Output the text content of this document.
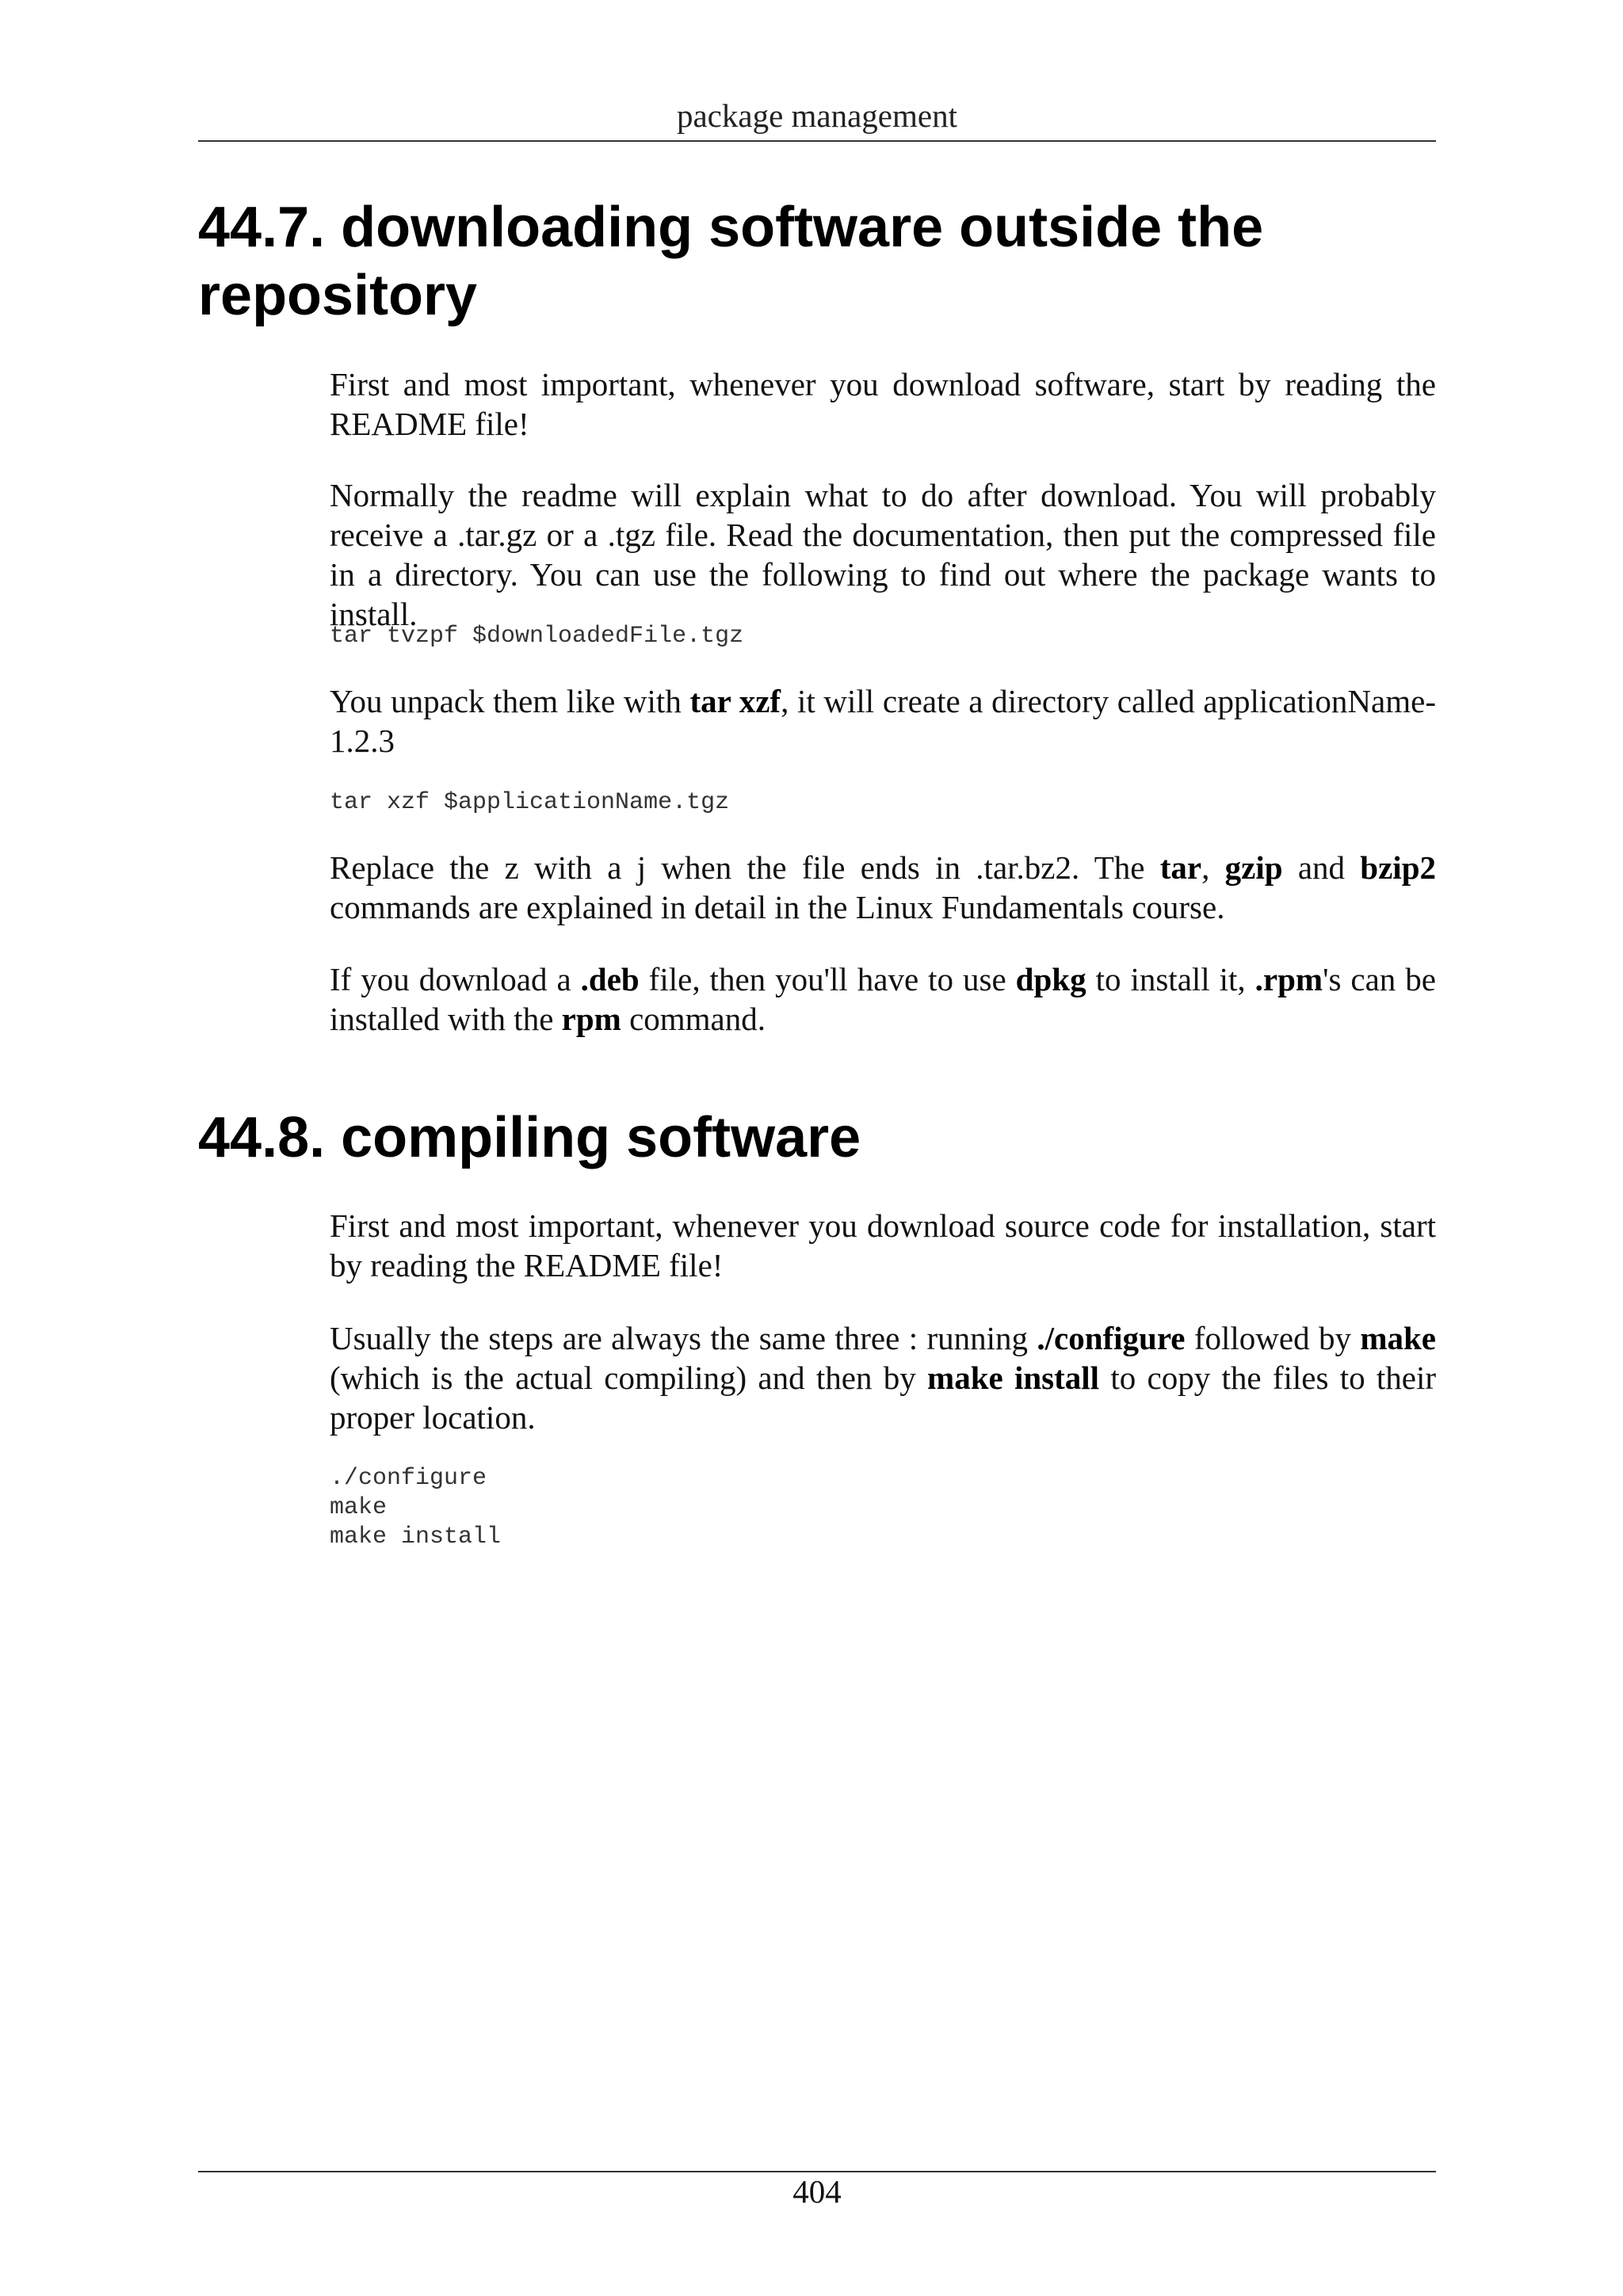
package management
44.7. downloading software outside the repository

First and most important, whenever you download software, start by reading the README file!

Normally the readme will explain what to do after download. You will probably receive a .tar.gz or a .tgz file. Read the documentation, then put the compressed file in a directory. You can use the following to find out where the package wants to install.

tar tvzpf $downloadedFile.tgz

You unpack them like with tar xzf, it will create a directory called applicationName-1.2.3

tar xzf $applicationName.tgz

Replace the z with a j when the file ends in .tar.bz2. The tar, gzip and bzip2 commands are explained in detail in the Linux Fundamentals course.

If you download a .deb file, then you'll have to use dpkg to install it, .rpm's can be installed with the rpm command.

44.8. compiling software

First and most important, whenever you download source code for installation, start by reading the README file!

Usually the steps are always the same three : running ./configure followed by make (which is the actual compiling) and then by make install to copy the files to their proper location.

./configure
make
make install
404
